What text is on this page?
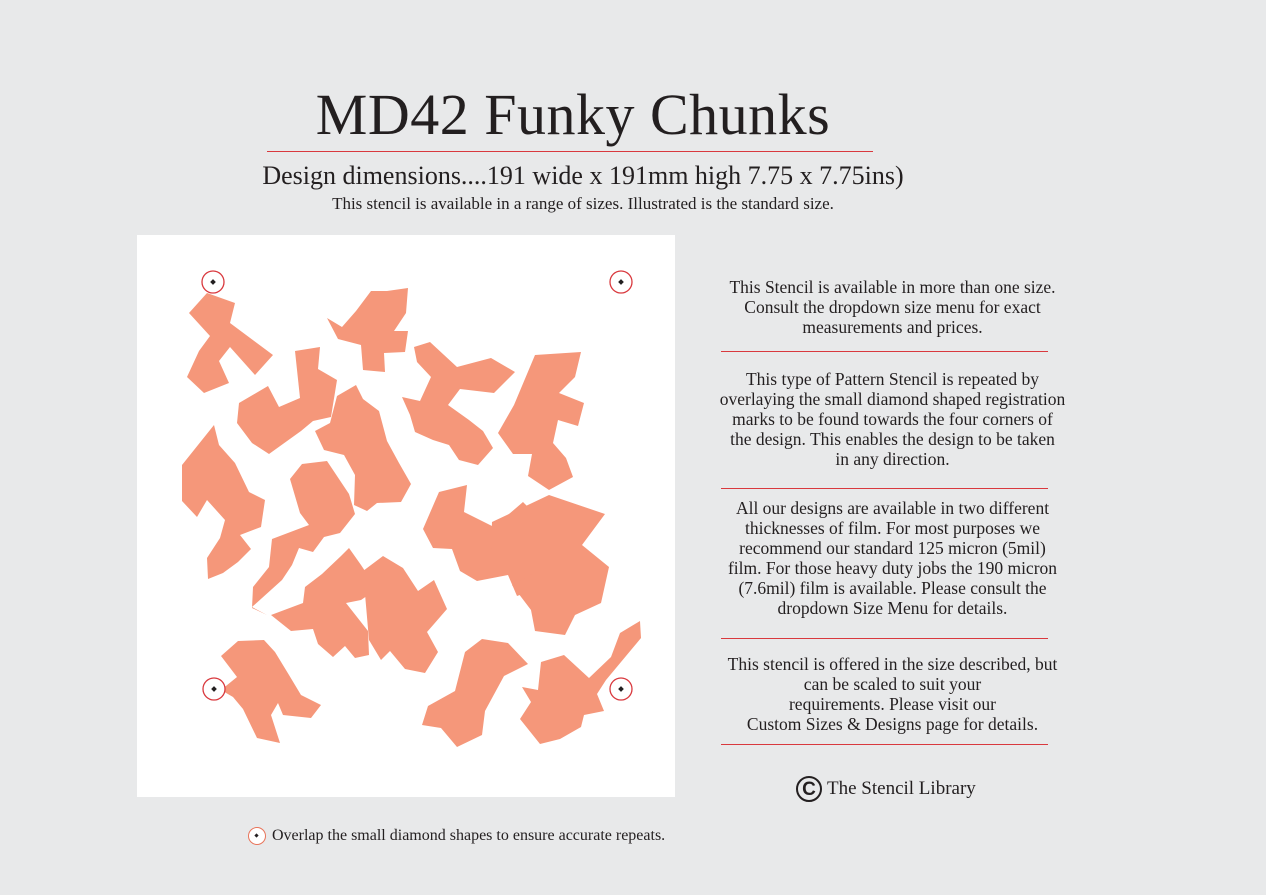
MD42 Funky Chunks
Design dimensions....191 wide x 191mm high 7.75 x 7.75ins)
This stencil is available in a range of sizes. Illustrated is the standard size.

This Stencil is available in more than one size.

Consult the dropdown size menu for exact

measurements and prices.

This type of Pattern Stencil is repeated by

overlaying the small diamond shaped registration

marks to be found towards the four corners of

the design. This enables the design to be taken

in any direction.

All our designs are available in two different

thicknesses of film. For most purposes we

recommend our standard 125 micron (5mil)

film. For those heavy duty jobs the 190 micron

(7.6mil) film is available. Please consult the

dropdown Size Menu for details.

This stencil is offered in the size described, but

can be scaled to suit your

requirements. Please visit our

Custom Sizes & Designs page for details.

C The Stencil Library
Overlap the small diamond shapes to ensure accurate repeats.
